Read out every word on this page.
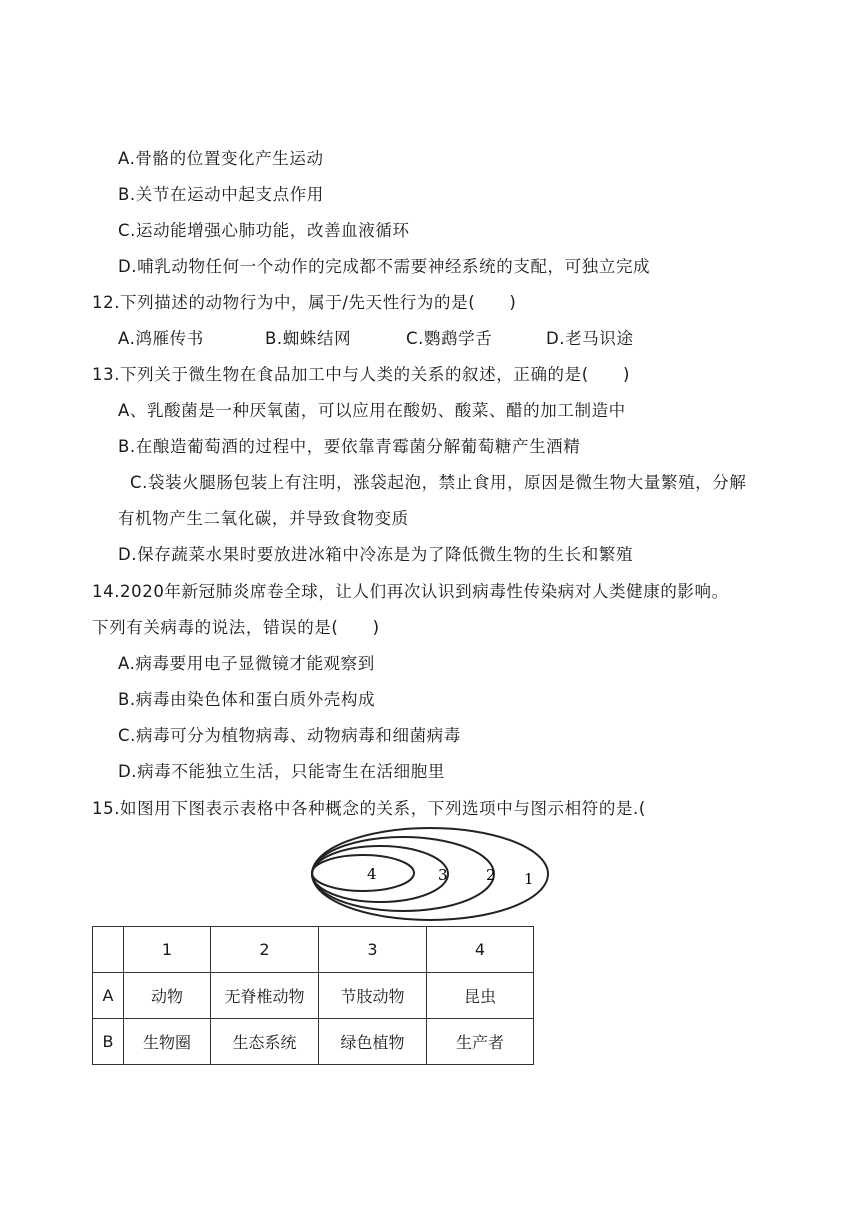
A.骨骼的位置变化产生运动
B.关节在运动中起支点作用
C.运动能增强心肺功能，改善血液循环
D.哺乳动物任何一个动作的完成都不需要神经系统的支配，可独立完成
12.下列描述的动物行为中，属于/先天性行为的是(　　)
A.鸿雁传书	B.蜘蛛结网	C.鹦鹉学舌	D.老马识途
13.下列关于微生物在食品加工中与人类的关系的叙述，正确的是(　　)
A、乳酸菌是一种厌氧菌，可以应用在酸奶、酸菜、醋的加工制造中
B.在酿造葡萄酒的过程中，要依靠青霉菌分解葡萄糖产生酒精
C.袋装火腿肠包装上有注明，涨袋起泡，禁止食用，原因是微生物大量繁殖，分解
有机物产生二氧化碳，并导致食物变质
D.保存蔬菜水果时要放进冰箱中冷冻是为了降低微生物的生长和繁殖
14.2020年新冠肺炎席卷全球，让人们再次认识到病毒性传染病对人类健康的影响。
下列有关病毒的说法，错误的是(　　)
A.病毒要用电子显微镜才能观察到
B.病毒由染色体和蛋白质外壳构成
C.病毒可分为植物病毒、动物病毒和细菌病毒
D.病毒不能独立生活，只能寄生在活细胞里
15.如图用下图表示表格中各种概念的关系，下列选项中与图示相符的是.(
4	3	2 1
	1	2	3	4
A	动物	无脊椎动物	节肢动物	昆虫
B	生物圈	生态系统	绿色植物	生产者
